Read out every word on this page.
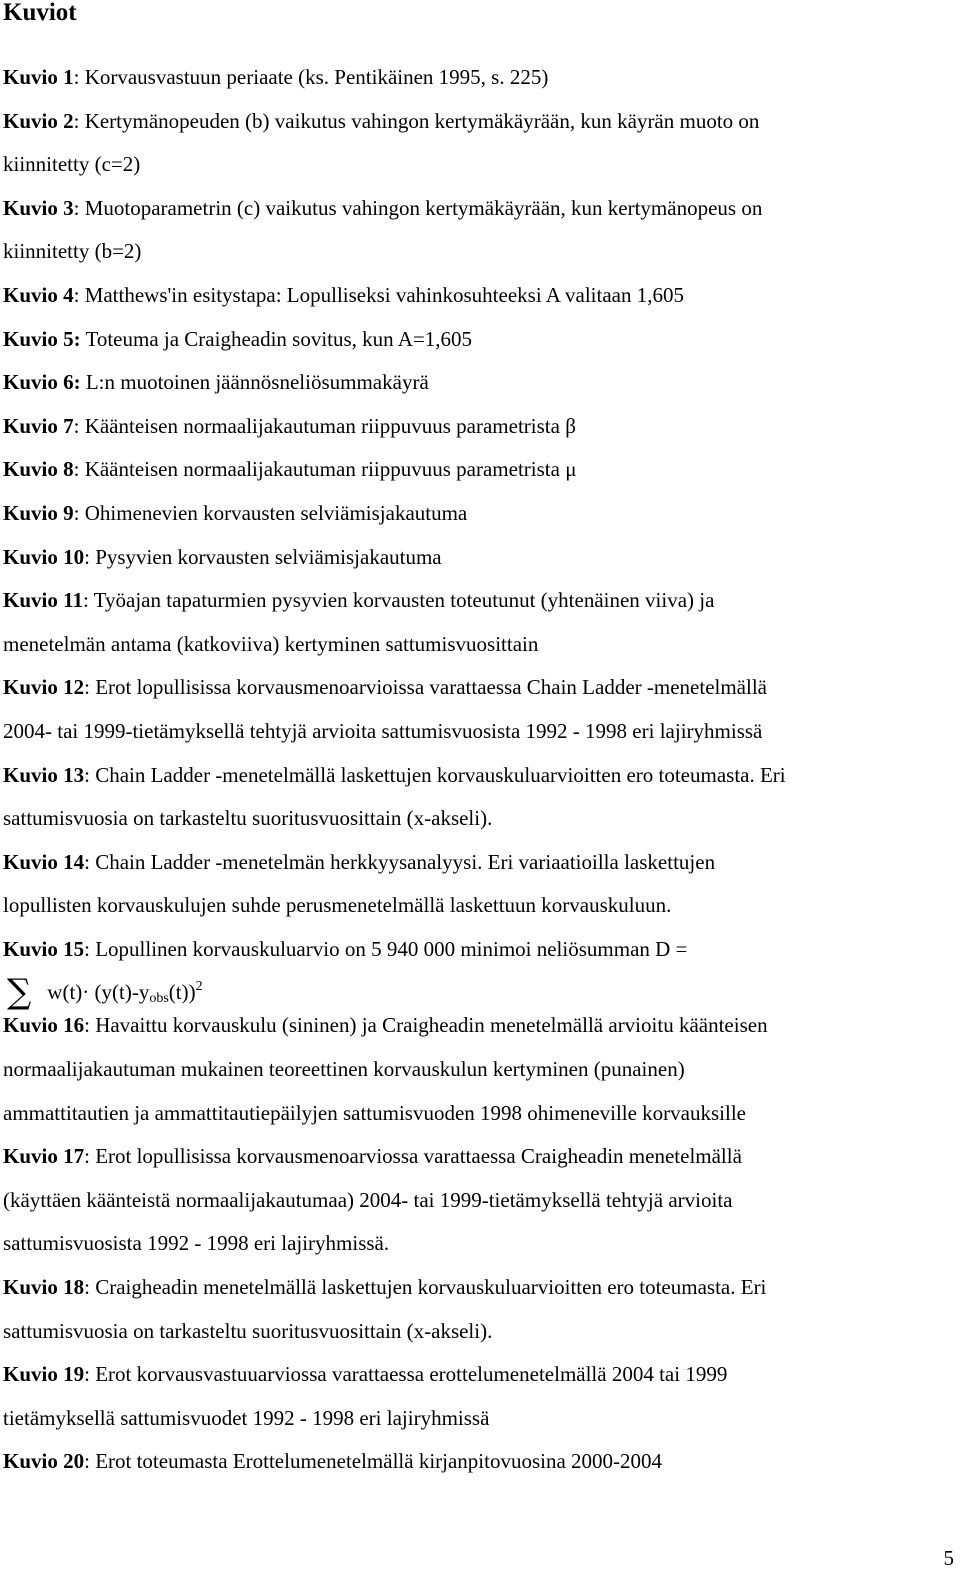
Kuviot
Kuvio 1: Korvausvastuun periaate (ks. Pentikäinen 1995, s. 225)
Kuvio 2: Kertymänopeuden (b) vaikutus vahingon kertymäkäyrään, kun käyrän muoto on
kiinnitetty (c=2)
Kuvio 3: Muotoparametrin (c) vaikutus vahingon kertymäkäyrään, kun kertymänopeus on
kiinnitetty (b=2)
Kuvio 4: Matthews'in esitystapa: Lopulliseksi vahinkosuhteeksi A valitaan 1,605
Kuvio 5: Toteuma ja Craigheadin sovitus, kun A=1,605
Kuvio 6: L:n muotoinen jäännösneliösummakäyrä
Kuvio 7: Käänteisen normaalijakautuman riippuvuus parametrista β
Kuvio 8: Käänteisen normaalijakautuman riippuvuus parametrista μ
Kuvio 9: Ohimenevien korvausten selviämisjakautuma
Kuvio 10: Pysyvien korvausten selviämisjakautuma
Kuvio 11: Työajan tapaturmien pysyvien korvausten toteutunut (yhtenäinen viiva) ja
menetelmän antama (katkoviiva) kertyminen sattumisvuosittain
Kuvio 12: Erot lopullisissa korvausmenoarvioissa varattaessa Chain Ladder -menetelmällä
2004- tai 1999-tietämyksellä tehtyjä arvioita sattumisvuosista 1992 - 1998 eri lajiryhmissä
Kuvio 13: Chain Ladder -menetelmällä laskettujen korvauskuluarvioitten ero toteumasta. Eri
sattumisvuosia on tarkasteltu suoritusvuosittain (x-akseli).
Kuvio 14: Chain Ladder -menetelmän herkkyysanalyysi. Eri variaatioilla laskettujen
lopullisten korvauskulujen suhde perusmenetelmällä laskettuun korvauskuluun.
Kuvio 15: Lopullinen korvauskuluarvio on 5 940 000 minimoi neliösumman D =
∑ $w(t)\cdot (y(t)-y_{obs}(t))^2$
Kuvio 16: Havaittu korvauskulu (sininen) ja Craigheadin menetelmällä arvioitu käänteisen
normaalijakautuman mukainen teoreettinen korvauskulun kertyminen (punainen)
ammattitautien ja ammattitautiepäilyjen sattumisvuoden 1998 ohimeneville korvauksille
Kuvio 17: Erot lopullisissa korvausmenoarviossa varattaessa Craigheadin menetelmällä
(käyttäen käänteistä normaalijakautumaa) 2004- tai 1999-tietämyksellä tehtyjä arvioita
sattumisvuosista 1992 - 1998 eri lajiryhmissä.
Kuvio 18: Craigheadin menetelmällä laskettujen korvauskuluarvioitten ero toteumasta. Eri
sattumisvuosia on tarkasteltu suoritusvuosittain (x-akseli).
Kuvio 19: Erot korvausvastuuarviossa varattaessa erottelumenetelmällä 2004 tai 1999
tietämyksellä sattumisvuodet 1992 - 1998 eri lajiryhmissä
Kuvio 20: Erot toteumasta Erottelumenetelmällä kirjanpitovuosina 2000-2004
5
